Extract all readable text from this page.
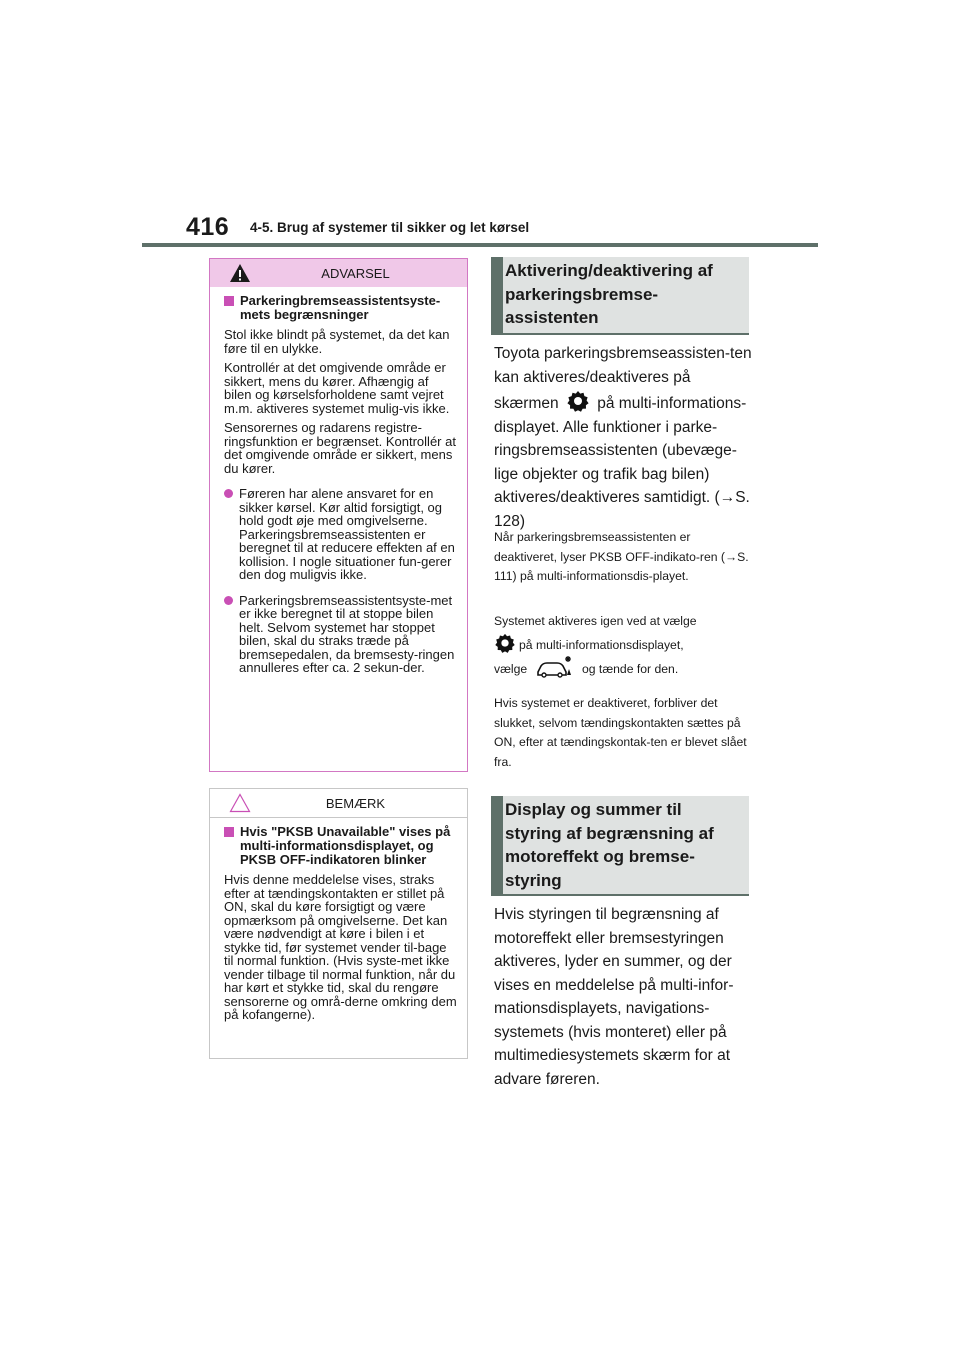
416 4-5. Brug af systemer til sikker og let kørsel
ADVARSEL
Parkeringbremseassistentsyste-mets begrænsninger
Stol ikke blindt på systemet, da det kan føre til en ulykke.
Kontrollér at det omgivende område er sikkert, mens du kører. Afhængig af bilen og kørselsforholdene samt vejret m.m. aktiveres systemet mulig-vis ikke.
Sensorernes og radarens registre-ringsfunktion er begrænset. Kontrollér at det omgivende område er sikkert, mens du kører.
Føreren har alene ansvaret for en sikker kørsel. Kør altid forsigtigt, og hold godt øje med omgivelserne. Parkeringsbremseassistenten er beregnet til at reducere effekten af en kollision. I nogle situationer fun-gerer den dog muligvis ikke.
Parkeringsbremseassistentsyste-met er ikke beregnet til at stoppe bilen helt. Selvom systemet har stoppet bilen, skal du straks træde på bremsepedalen, da bremsesty-ringen annulleres efter ca. 2 sekun-der.
BEMÆRK
Hvis "PKSB Unavailable" vises på multi-informationsdisplayet, og PKSB OFF-indikatoren blinker
Hvis denne meddelelse vises, straks efter at tændingskontakten er stillet på ON, skal du køre forsigtigt og være opmærksom på omgivelserne. Det kan være nødvendigt at køre i bilen i et stykke tid, før systemet vender til-bage til normal funktion. (Hvis syste-met ikke vender tilbage til normal funktion, når du har kørt et stykke tid, skal du rengøre sensorerne og områ-derne omkring dem på kofangerne).
Aktivering/deaktivering af parkeringsbremse-assistenten
Toyota parkeringsbremseassisten-ten kan aktiveres/deaktiveres på skærmen på multi-informations-displayet. Alle funktioner i parke-ringsbremseassistenten (ubevæge-lige objekter og trafik bag bilen) aktiveres/deaktiveres samtidigt. (→S. 128)
Når parkeringsbremseassistenten er deaktiveret, lyser PKSB OFF-indikato-ren (→S. 111) på multi-informationsdis-playet.
Systemet aktiveres igen ved at vælge
på multi-informationsdisplayet,
vælge	og tænde for den.
Hvis systemet er deaktiveret, forbliver det slukket, selvom tændingskontakten sættes på ON, efter at tændingskontak-ten er blevet slået fra.
Display og summer til styring af begrænsning af motoreffekt og bremse-styring
Hvis styringen til begrænsning af motoreffekt eller bremsestyringen aktiveres, lyder en summer, og der vises en meddelelse på multi-infor-mationsdisplayets, navigations-systemets (hvis monteret) eller på multimediesystemets skærm for at advare føreren.
